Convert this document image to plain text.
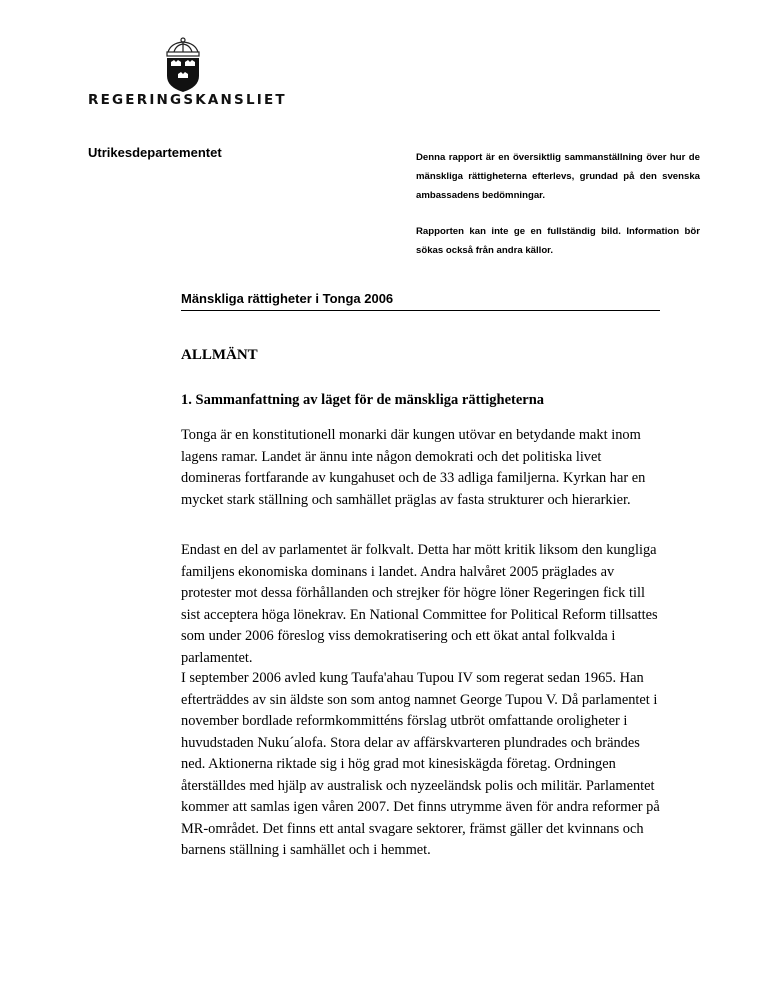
REGERINGSKANSLIET
Utrikesdepartementet	Denna rapport är en översiktlig sammanställning över hur de mänskliga rättigheterna efterlevs, grundad på den svenska ambassadens bedömningar.

Rapporten kan inte ge en fullständig bild. Information bör sökas också från andra källor.

Mänskliga rättigheter i Tonga 2006
ALLMÄNT
1. Sammanfattning av läget för de mänskliga rättigheterna

Tonga är en konstitutionell monarki där kungen utövar en betydande makt inom lagens ramar. Landet är ännu inte någon demokrati och det politiska livet domineras fortfarande av kungahuset och de 33 adliga familjerna. Kyrkan har en mycket stark ställning och samhället präglas av fasta strukturer och hierarkier.

Endast en del av parlamentet är folkvalt. Detta har mött kritik liksom den kungliga familjens ekonomiska dominans i landet. Andra halvåret 2005 präglades av protester mot dessa förhållanden och strejker för högre löner Regeringen fick till sist acceptera höga lönekrav. En National Committee for Political Reform tillsattes som under 2006 föreslog viss demokratisering och ett ökat antal folkvalda i parlamentet.

I september 2006 avled kung Taufa'ahau Tupou IV som regerat sedan 1965. Han efterträddes av sin äldste son som antog namnet George Tupou V. Då parlamentet i november bordlade reformkommitténs förslag utbröt omfattande oroligheter i huvudstaden Nuku´alofa. Stora delar av affärskvarteren plundrades och brändes ned. Aktionerna riktade sig i hög grad mot kinesiskägda företag. Ordningen återställdes med hjälp av australisk och nyzeeländsk polis och militär. Parlamentet kommer att samlas igen våren 2007. Det finns utrymme även för andra reformer på MR-området. Det finns ett antal svagare sektorer, främst gäller det kvinnans och barnens ställning i samhället och i hemmet.
